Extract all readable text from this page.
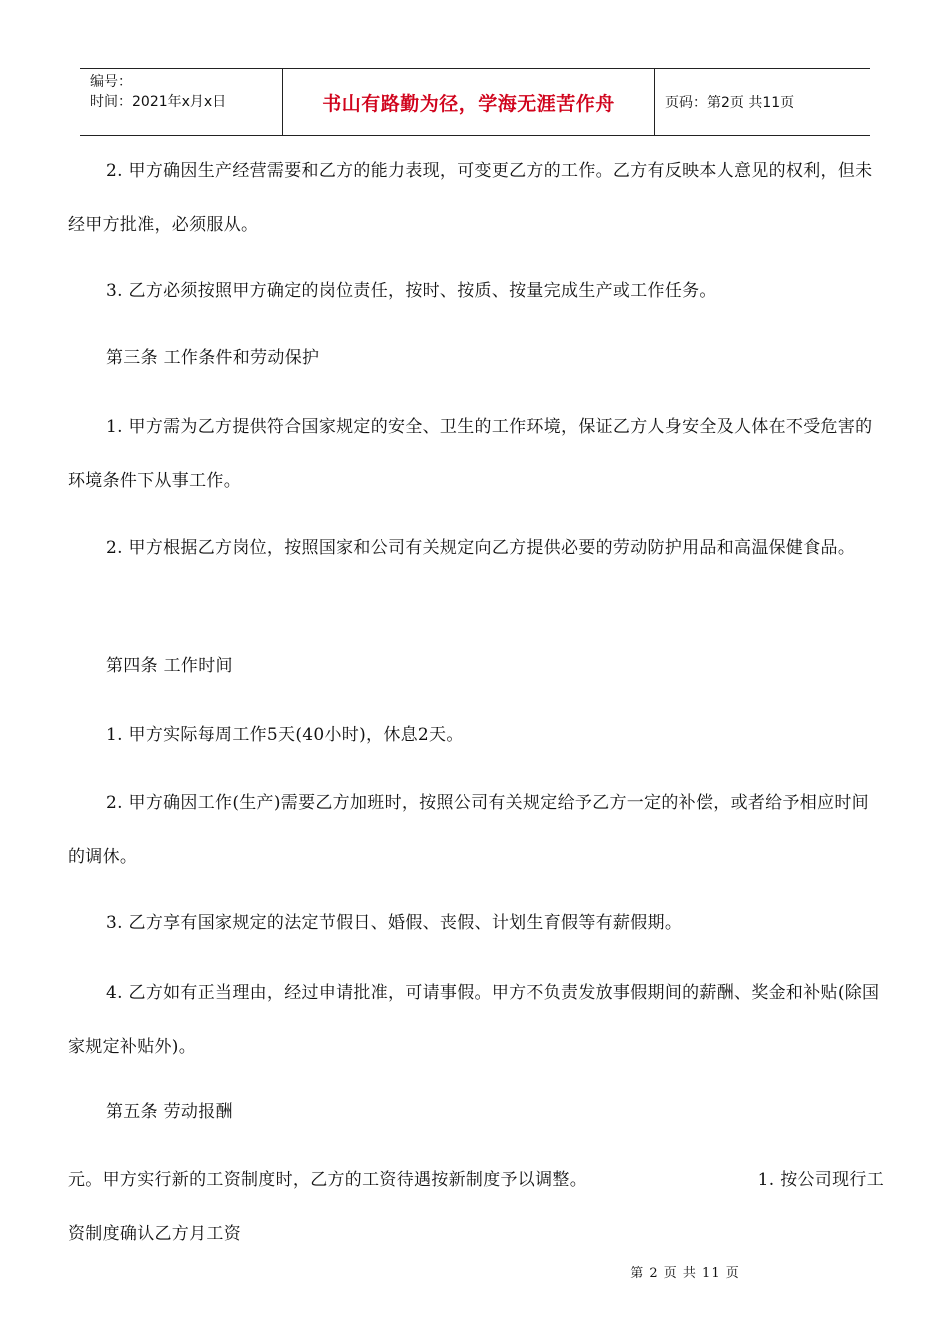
编号：
时间：2021年x月x日	书山有路勤为径，学海无涯苦作舟	页码：第2页 共11页

2. 甲方确因生产经营需要和乙方的能力表现，可变更乙方的工作。乙方有反映本人意见的权利，但未经甲方批准，必须服从。

3. 乙方必须按照甲方确定的岗位责任，按时、按质、按量完成生产或工作任务。

第三条 工作条件和劳动保护

1. 甲方需为乙方提供符合国家规定的安全、卫生的工作环境，保证乙方人身安全及人体在不受危害的环境条件下从事工作。

2. 甲方根据乙方岗位，按照国家和公司有关规定向乙方提供必要的劳动防护用品和高温保健食品。

第四条 工作时间

1. 甲方实际每周工作5天(40小时)，休息2天。

2. 甲方确因工作(生产)需要乙方加班时，按照公司有关规定给予乙方一定的补偿，或者给予相应时间的调休。

3. 乙方享有国家规定的法定节假日、婚假、丧假、计划生育假等有薪假期。

4. 乙方如有正当理由，经过申请批准，可请事假。甲方不负责发放事假期间的薪酬、奖金和补贴(除国家规定补贴外)。

第五条 劳动报酬

元。甲方实行新的工资制度时，乙方的工资待遇按新制度予以调整。	1. 按公司现行工
资制度确认乙方月工资
第 2 页 共 11 页
